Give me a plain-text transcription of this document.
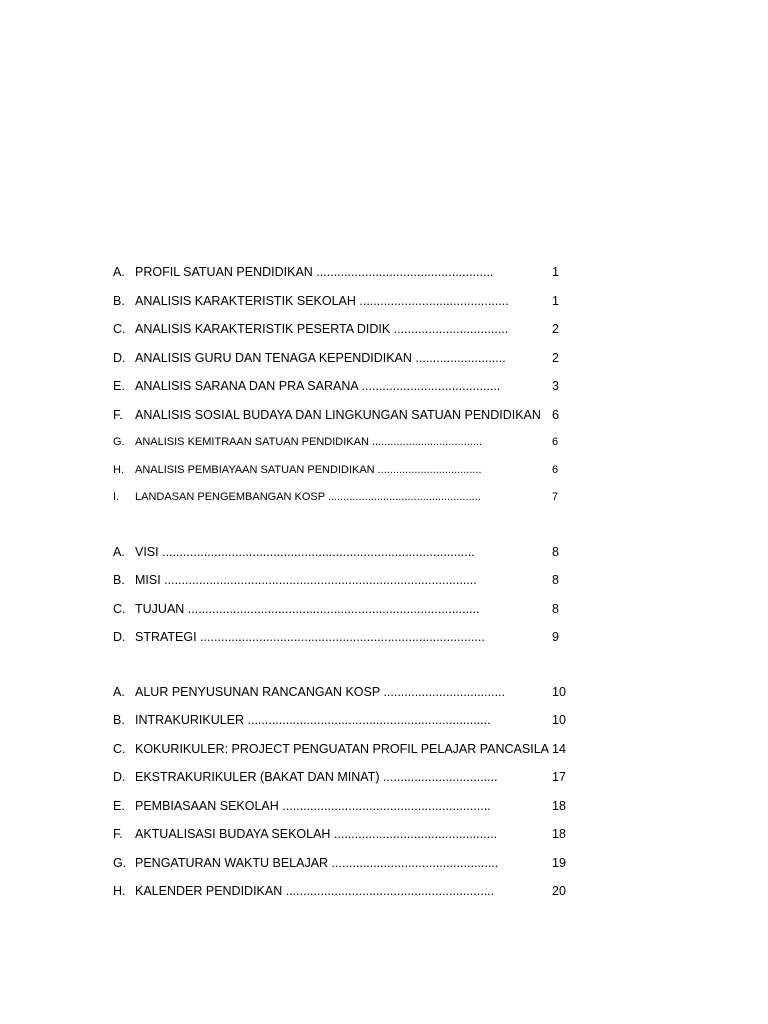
A. PROFIL SATUAN PENDIDIKAN ...................................................	1
B. ANALISIS KARAKTERISTIK SEKOLAH ...........................................	1
C. ANALISIS KARAKTERISTIK PESERTA DIDIK .................................	2
D. ANALISIS GURU DAN TENAGA KEPENDIDIKAN ..........................	2
E. ANALISIS SARANA DAN PRA SARANA ........................................	3
F. ANALISIS SOSIAL BUDAYA DAN LINGKUNGAN SATUAN PENDIDIKAN 6
G. ANALISIS KEMITRAAN SATUAN PENDIDIKAN ....................................	6
H. ANALISIS PEMBIAYAAN SATUAN PENDIDIKAN ..................................	6
I. LANDASAN PENGEMBANGAN KOSP ..................................................	7
A. VISI ..........................................................................................	8
B. MISI ..........................................................................................	8
C. TUJUAN ....................................................................................	8
D. STRATEGI ..................................................................................	9
A. ALUR PENYUSUNAN RANCANGAN KOSP ...................................	10
B. INTRAKURIKULER ......................................................................	10
C. KOKURIKULER: PROJECT PENGUATAN PROFIL PELAJAR PANCASILA 14
D. EKSTRAKURIKULER (BAKAT DAN MINAT) .................................	17
E. PEMBIASAAN SEKOLAH ............................................................	18
F. AKTUALISASI BUDAYA SEKOLAH ...............................................	18
G. PENGATURAN WAKTU BELAJAR ................................................	19
H. KALENDER PENDIDIKAN ............................................................	20
